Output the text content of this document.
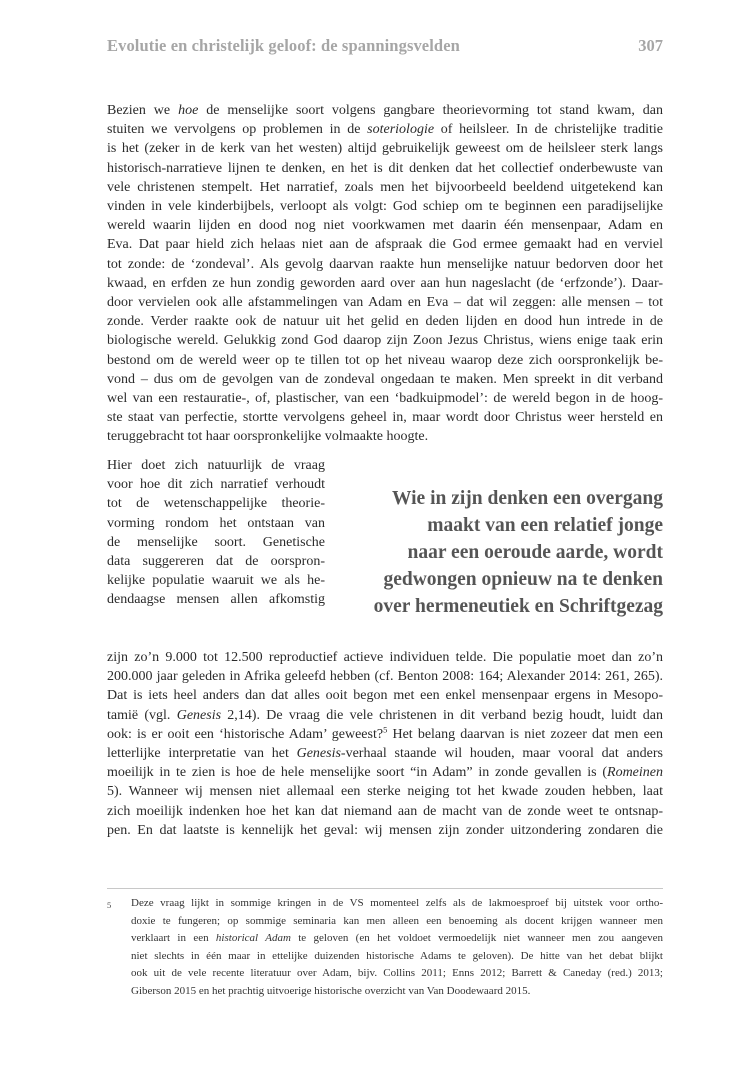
Evolutie en christelijk geloof: de spanningsvelden	307
Bezien we hoe de menselijke soort volgens gangbare theorievorming tot stand kwam, dan
stuiten we vervolgens op problemen in de soteriologie of heilsleer. In de christelijke traditie
is het (zeker in de kerk van het westen) altijd gebruikelijk geweest om de heilsleer sterk langs
historisch-narratieve lijnen te denken, en het is dit denken dat het collectief onderbewuste van
vele christenen stempelt. Het narratief, zoals men het bijvoorbeeld beeldend uitgetekend kan
vinden in vele kinderbijbels, verloopt als volgt: God schiep om te beginnen een paradijselijke
wereld waarin lijden en dood nog niet voorkwamen met daarin één mensenpaar, Adam en
Eva. Dat paar hield zich helaas niet aan de afspraak die God ermee gemaakt had en verviel
tot zonde: de ‘zondeval’. Als gevolg daarvan raakte hun menselijke natuur bedorven door het
kwaad, en erfden ze hun zondig geworden aard over aan hun nageslacht (de ‘erfzonde’). Daar-
door vervielen ook alle afstammelingen van Adam en Eva – dat wil zeggen: alle mensen – tot
zonde. Verder raakte ook de natuur uit het gelid en deden lijden en dood hun intrede in de
biologische wereld. Gelukkig zond God daarop zijn Zoon Jezus Christus, wiens enige taak erin
bestond om de wereld weer op te tillen tot op het niveau waarop deze zich oorspronkelijk be-
vond – dus om de gevolgen van de zondeval ongedaan te maken. Men spreekt in dit verband
wel van een restauratie-, of, plastischer, van een ‘badkuipmodel’: de wereld begon in de hoog-
ste staat van perfectie, stortte vervolgens geheel in, maar wordt door Christus weer hersteld en
teruggebracht tot haar oorspronkelijke volmaakte hoogte.
Hier doet zich natuurlijk de vraag
voor hoe dit zich narratief verhoudt
tot de wetenschappelijke theorie-
vorming rondom het ontstaan van
de menselijke soort. Genetische
data suggereren dat de oorspron-
kelijke populatie waaruit we als he-
dendaagse mensen allen afkomstig
Wie in zijn denken een overgang
maakt van een relatief jonge
naar een oeroude aarde, wordt
gedwongen opnieuw na te denken
over hermeneutiek en Schriftgezag
zijn zo’n 9.000 tot 12.500 reproductief actieve individuen telde. Die populatie moet dan zo’n
200.000 jaar geleden in Afrika geleefd hebben (cf. Benton 2008: 164; Alexander 2014: 261, 265).
Dat is iets heel anders dan dat alles ooit begon met een enkel mensenpaar ergens in Mesopo-
tamië (vgl. Genesis 2,14). De vraag die vele christenen in dit verband bezig houdt, luidt dan
ook: is er ooit een ‘historische Adam’ geweest?$^5$ Het belang daarvan is niet zozeer dat men een
letterlijke interpretatie van het Genesis-verhaal staande wil houden, maar vooral dat anders
moeilijk in te zien is hoe de hele menselijke soort “in Adam” in zonde gevallen is (Romeinen
5). Wanneer wij mensen niet allemaal een sterke neiging tot het kwade zouden hebben, laat
zich moeilijk indenken hoe het kan dat niemand aan de macht van de zonde weet te ontsnap-
pen. En dat laatste is kennelijk het geval: wij mensen zijn zonder uitzondering zondaren die
5 Deze vraag lijkt in sommige kringen in de VS momenteel zelfs als de lakmoesproef bij uitstek voor ortho-
doxie te fungeren; op sommige seminaria kan men alleen een benoeming als docent krijgen wanneer men
verklaart in een historical Adam te geloven (en het voldoet vermoedelijk niet wanneer men zou aangeven
niet slechts in één maar in ettelijke duizenden historische Adams te geloven). De hitte van het debat blijkt
ook uit de vele recente literatuur over Adam, bijv. Collins 2011; Enns 2012; Barrett & Caneday (red.) 2013;
Giberson 2015 en het prachtig uitvoerige historische overzicht van Van Doodewaard 2015.
